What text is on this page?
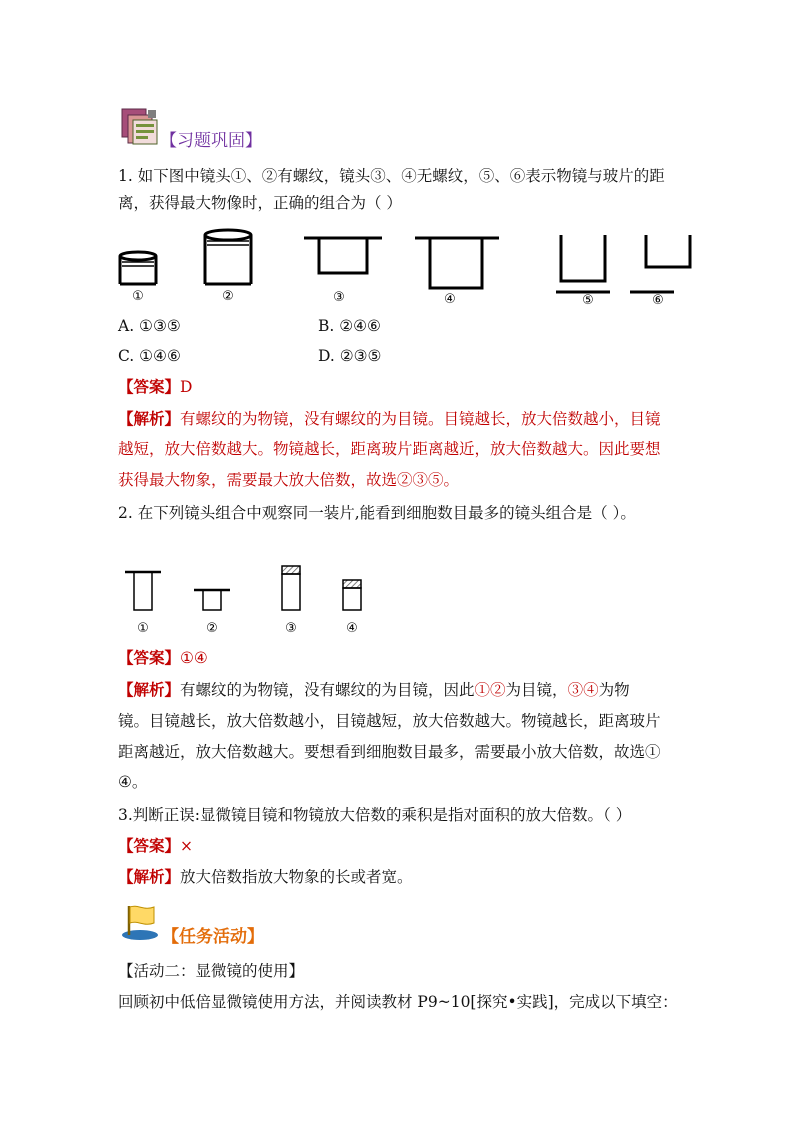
【习题巩固】
1. 如下图中镜头①、②有螺纹，镜头③、④无螺纹，⑤、⑥表示物镜与玻片的距
离，获得最大物像时，正确的组合为（ ）
①	②	③	④	⑤	⑥
A. ①③⑤	B. ②④⑥
C. ①④⑥	D. ②③⑤
【答案】D
【解析】有螺纹的为物镜，没有螺纹的为目镜。目镜越长，放大倍数越小，目镜
越短，放大倍数越大。物镜越长，距离玻片距离越近，放大倍数越大。因此要想
获得最大物象，需要最大放大倍数，故选②③⑤。
2. 在下列镜头组合中观察同一装片,能看到细胞数目最多的镜头组合是（ ）。
①	②	③	④
【答案】①④
【解析】有螺纹的为物镜，没有螺纹的为目镜，因此①②为目镜，③④为物
镜。目镜越长，放大倍数越小，目镜越短，放大倍数越大。物镜越长，距离玻片
距离越近，放大倍数越大。要想看到细胞数目最多，需要最小放大倍数，故选①
④。
3.判断正误:显微镜目镜和物镜放大倍数的乘积是指对面积的放大倍数。（ ）
【答案】×
【解析】放大倍数指放大物象的长或者宽。
【任务活动】
【活动二：显微镜的使用】
回顾初中低倍显微镜使用方法，并阅读教材 P9~10[探究•实践]，完成以下填空：
